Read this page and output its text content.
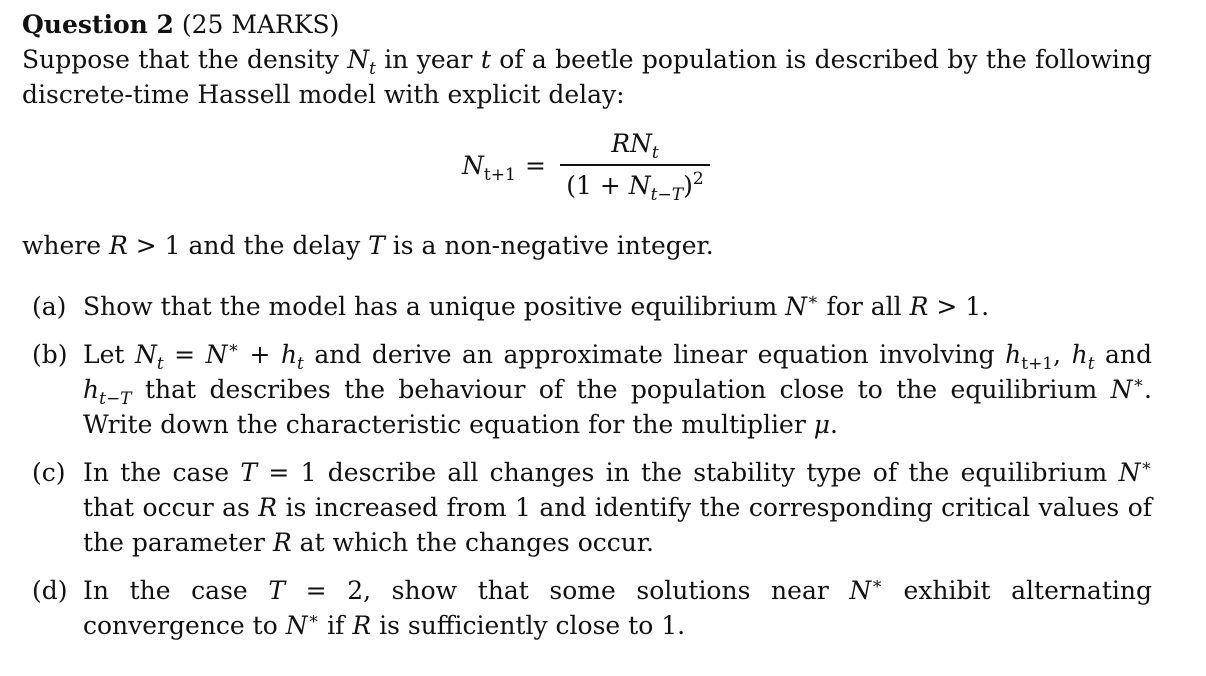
Question 2 (25 MARKS)

Suppose that the density $N_t$ in year t of a beetle population is described by the following discrete-time Hassell model with explicit delay:

$N_{t+1}$ =
$RN_t$
$(1 + N_{t-T})^2$

where R > 1 and the delay T is a non-negative integer.

(a) Show that the model has a unique positive equilibrium N∗ for all R > 1.
(b) Let $N_t = N^∗ + h_t$ and derive an approximate linear equation involving $h_{t+1}$, $h_t$ and $h_{t-T}$ that describes the behaviour of the population close to the equilibrium N∗. Write down the characteristic equation for the multiplier μ.
(c) In the case T = 1 describe all changes in the stability type of the equilibrium N∗ that occur as R is increased from 1 and identify the corresponding critical values of the parameter R at which the changes occur.
(d) In the case T = 2, show that some solutions near N∗ exhibit alternating convergence to N∗ if R is sufficiently close to 1.
